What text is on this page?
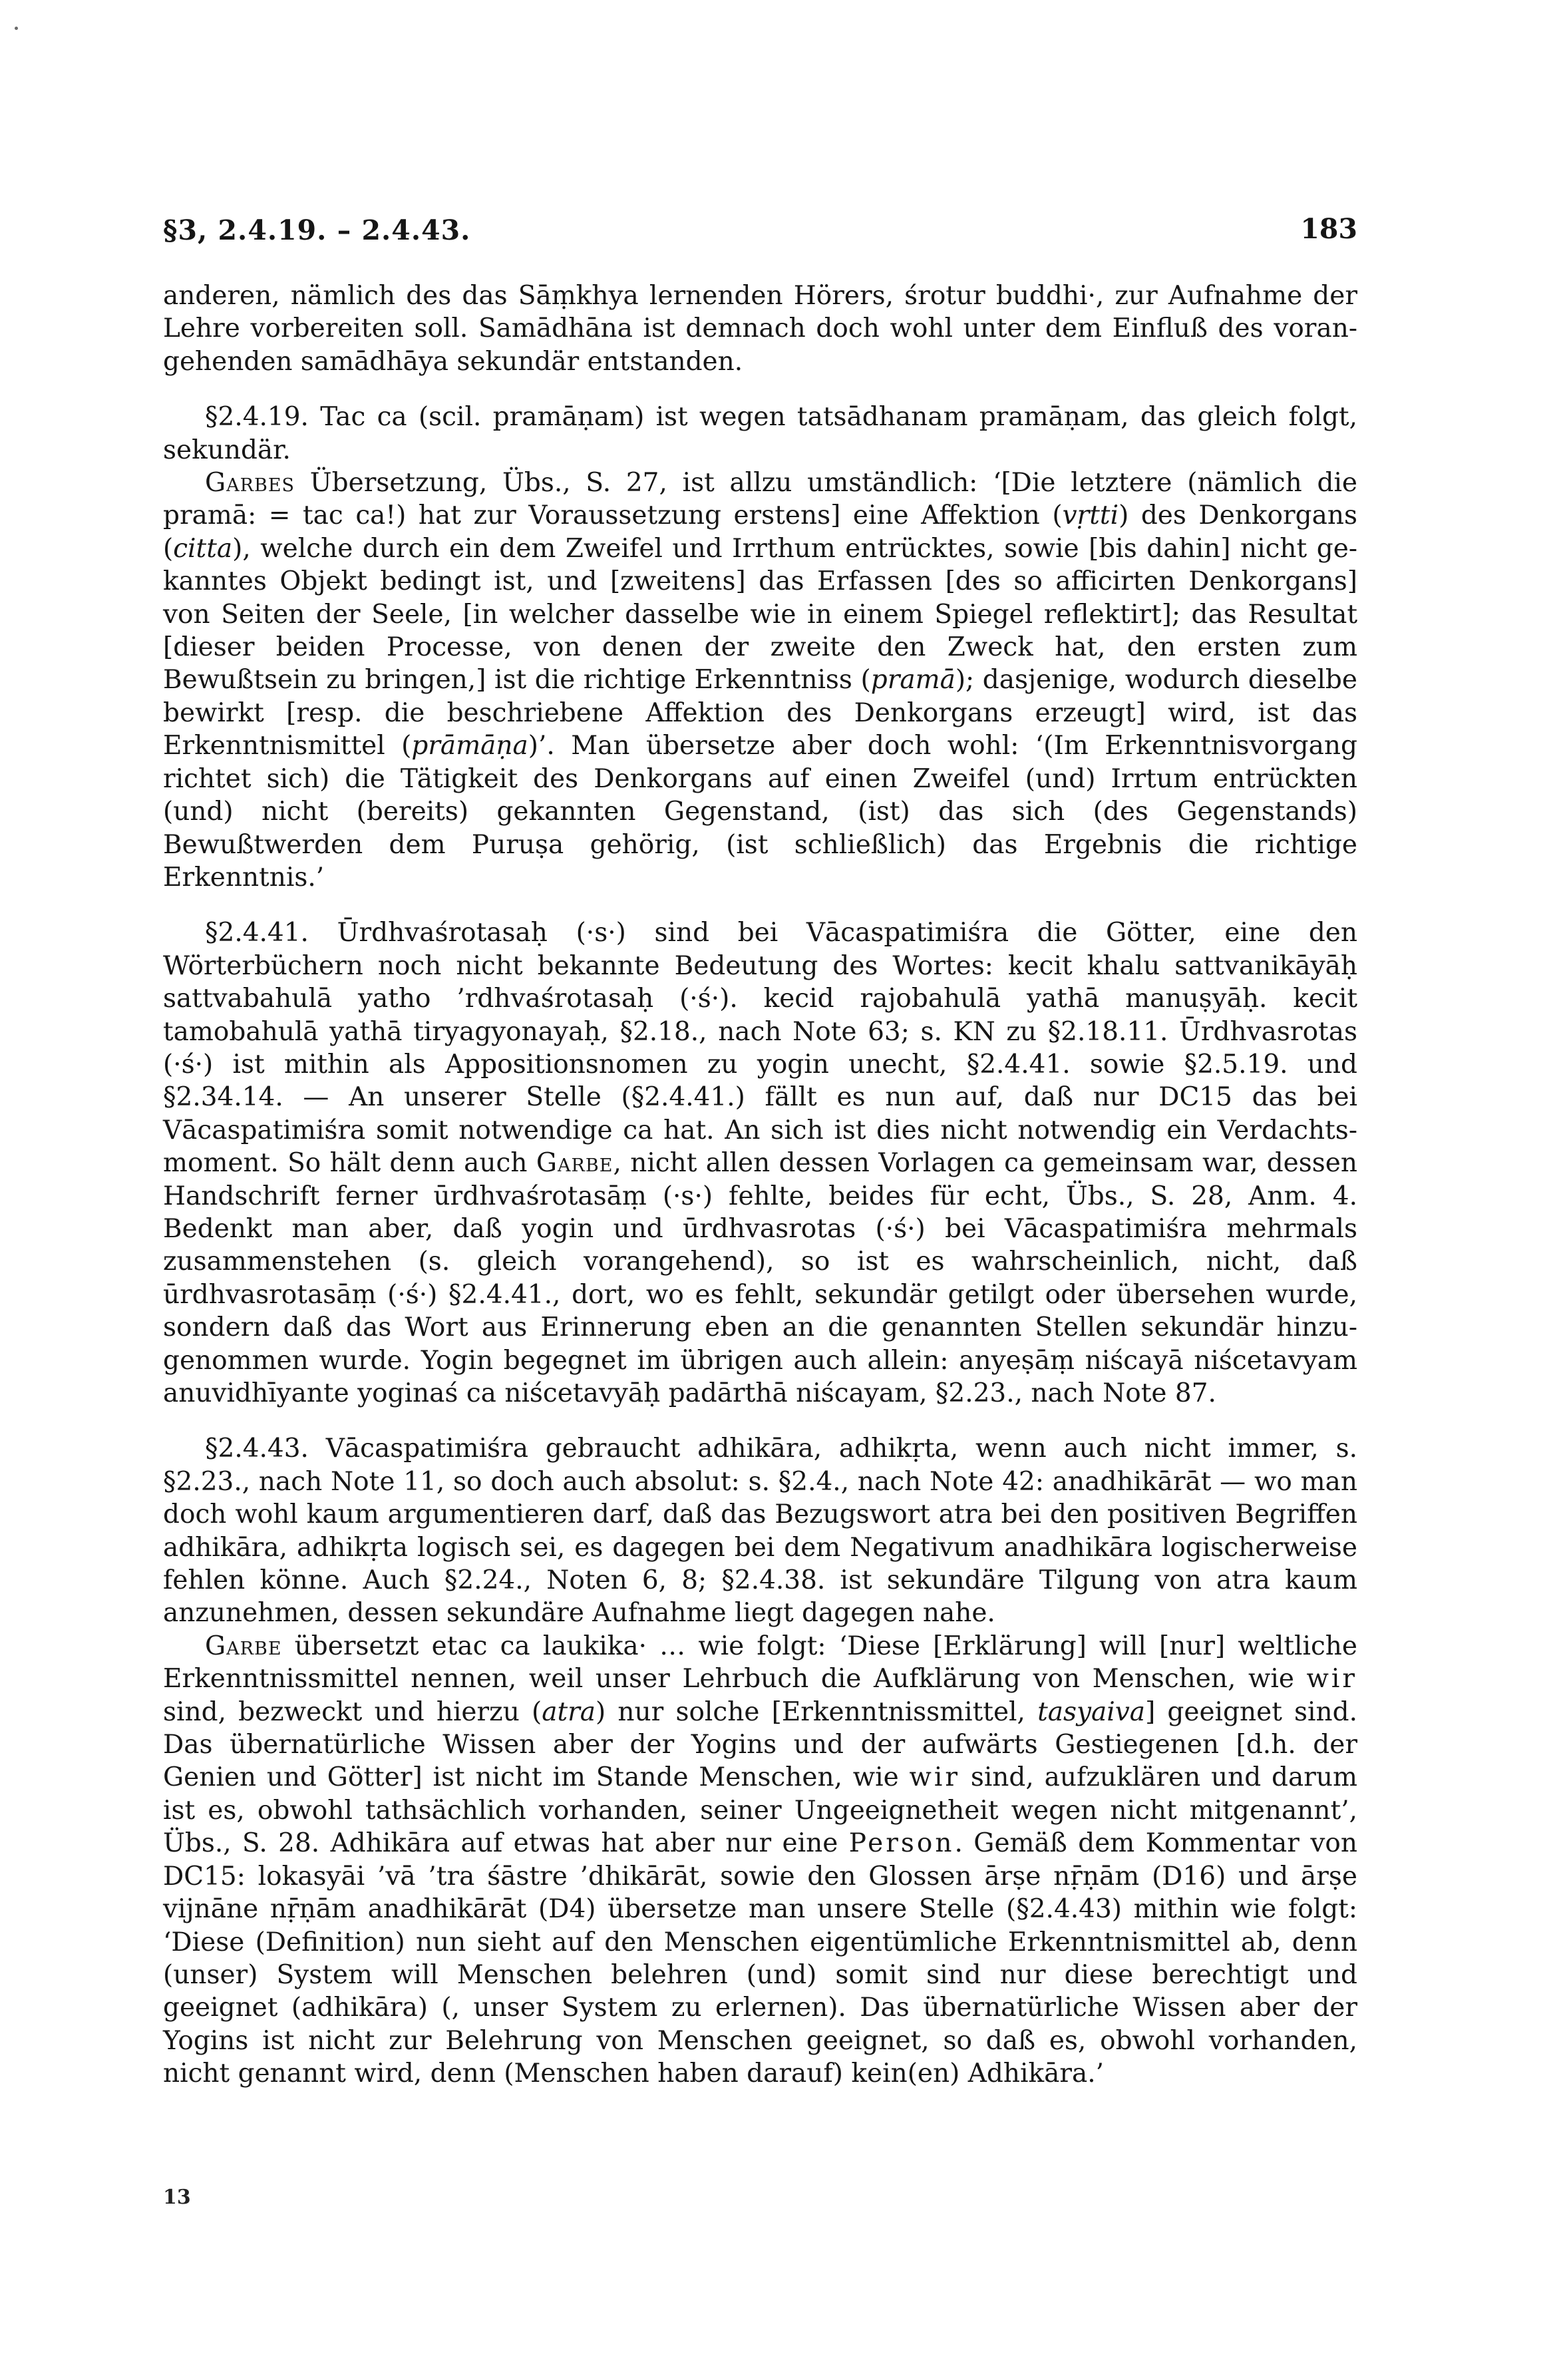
§3, 2.4.19. – 2.4.43.	183

anderen, nämlich des das Sāṃkhya lernenden Hörers, śrotur buddhi·, zur Aufnahme der Lehre vorbereiten soll. Samādhāna ist demnach doch wohl unter dem Einfluß des vorangehenden samādhāya sekundär entstanden.

§2.4.19. Tac ca (scil. pramāṇam) ist wegen tatsādhanam pramāṇam, das gleich folgt, sekundär.

Garbes Übersetzung, Übs., S. 27, ist allzu umständlich: ‘[Die letztere (nämlich die pramā: = tac ca!) hat zur Voraussetzung erstens] eine Affektion (vṛtti) des Denkorgans (citta), welche durch ein dem Zweifel und Irrthum entrücktes, sowie [bis dahin] nicht gekanntes Objekt bedingt ist, und [zweitens] das Erfassen [des so afficirten Denkorgans] von Seiten der Seele, [in welcher dasselbe wie in einem Spiegel reflektirt]; das Resultat [dieser beiden Processe, von denen der zweite den Zweck hat, den ersten zum Bewußtsein zu bringen,] ist die richtige Erkenntniss (pramā); dasjenige, wodurch dieselbe bewirkt [resp. die beschriebene Affektion des Denkorgans erzeugt] wird, ist das Erkenntnismittel (prāmāṇa)’. Man übersetze aber doch wohl: ‘(Im Erkenntnisvorgang richtet sich) die Tätigkeit des Denkorgans auf einen Zweifel (und) Irrtum entrückten (und) nicht (bereits) gekannten Gegenstand, (ist) das sich (des Gegenstands) Bewußtwerden dem Puruṣa gehörig, (ist schließlich) das Ergebnis die richtige Erkenntnis.’

§2.4.41. Ūrdhvaśrotasaḥ (·s·) sind bei Vācaspatimiśra die Götter, eine den Wörterbüchern noch nicht bekannte Bedeutung des Wortes: kecit khalu sattvanikāyāḥ sattvabahulā yatho ’rdhvaśrotasaḥ (·ś·). kecid rajobahulā yathā manuṣyāḥ. kecit tamobahulā yathā tiryagyonayaḥ, §2.18., nach Note 63; s. KN zu §2.18.11. Ūrdhvasrotas (·ś·) ist mithin als Appositionsnomen zu yogin unecht, §2.4.41. sowie §2.5.19. und §2.34.14. — An unserer Stelle (§2.4.41.) fällt es nun auf, daß nur DC15 das bei Vācaspatimiśra somit notwendige ca hat. An sich ist dies nicht notwendig ein Verdachtsmoment. So hält denn auch Garbe, nicht allen dessen Vorlagen ca gemeinsam war, dessen Handschrift ferner ūrdhvaśrotasāṃ (·s·) fehlte, beides für echt, Übs., S. 28, Anm. 4. Bedenkt man aber, daß yogin und ūrdhvasrotas (·ś·) bei Vācaspatimiśra mehrmals zusammenstehen (s. gleich vorangehend), so ist es wahrscheinlich, nicht, daß ūrdhvasrotasāṃ (·ś·) §2.4.41., dort, wo es fehlt, sekundär getilgt oder übersehen wurde, sondern daß das Wort aus Erinnerung eben an die genannten Stellen sekundär hinzugenommen wurde. Yogin begegnet im übrigen auch allein: anyeṣāṃ niścayā niścetavyam anuvidhīyante yoginaś ca niścetavyāḥ padārthā niścayam, §2.23., nach Note 87.

§2.4.43. Vācaspatimiśra gebraucht adhikāra, adhikṛta, wenn auch nicht immer, s. §2.23., nach Note 11, so doch auch absolut: s. §2.4., nach Note 42: anadhikārāt — wo man doch wohl kaum argumentieren darf, daß das Bezugswort atra bei den positiven Begriffen adhikāra, adhikṛta logisch sei, es dagegen bei dem Negativum anadhikāra logischerweise fehlen könne. Auch §2.24., Noten 6, 8; §2.4.38. ist sekundäre Tilgung von atra kaum anzunehmen, dessen sekundäre Aufnahme liegt dagegen nahe.

Garbe übersetzt etac ca laukika· … wie folgt: ‘Diese [Erklärung] will [nur] weltliche Erkenntnissmittel nennen, weil unser Lehrbuch die Aufklärung von Menschen, wie wir sind, bezweckt und hierzu (atra) nur solche [Erkenntnissmittel, tasyaiva] geeignet sind. Das übernatürliche Wissen aber der Yogins und der aufwärts Gestiegenen [d.h. der Genien und Götter] ist nicht im Stande Menschen, wie wir sind, aufzuklären und darum ist es, obwohl tathsächlich vorhanden, seiner Ungeeignetheit wegen nicht mitgenannt’, Übs., S. 28. Adhikāra auf etwas hat aber nur eine Person. Gemäß dem Kommentar von DC15: lokasyāi ’vā ’tra śāstre ’dhikārāt, sowie den Glossen ārṣe nṝṇām (D16) und ārṣe vijnāne nṝṇām anadhikārāt (D4) übersetze man unsere Stelle (§2.4.43) mithin wie folgt: ‘Diese (Definition) nun sieht auf den Menschen eigentümliche Erkenntnismittel ab, denn (unser) System will Menschen belehren (und) somit sind nur diese berechtigt und geeignet (adhikāra) (, unser System zu erlernen). Das übernatürliche Wissen aber der Yogins ist nicht zur Belehrung von Menschen geeignet, so daß es, obwohl vorhanden, nicht genannt wird, denn (Menschen haben darauf) kein(en) Adhikāra.’

13
